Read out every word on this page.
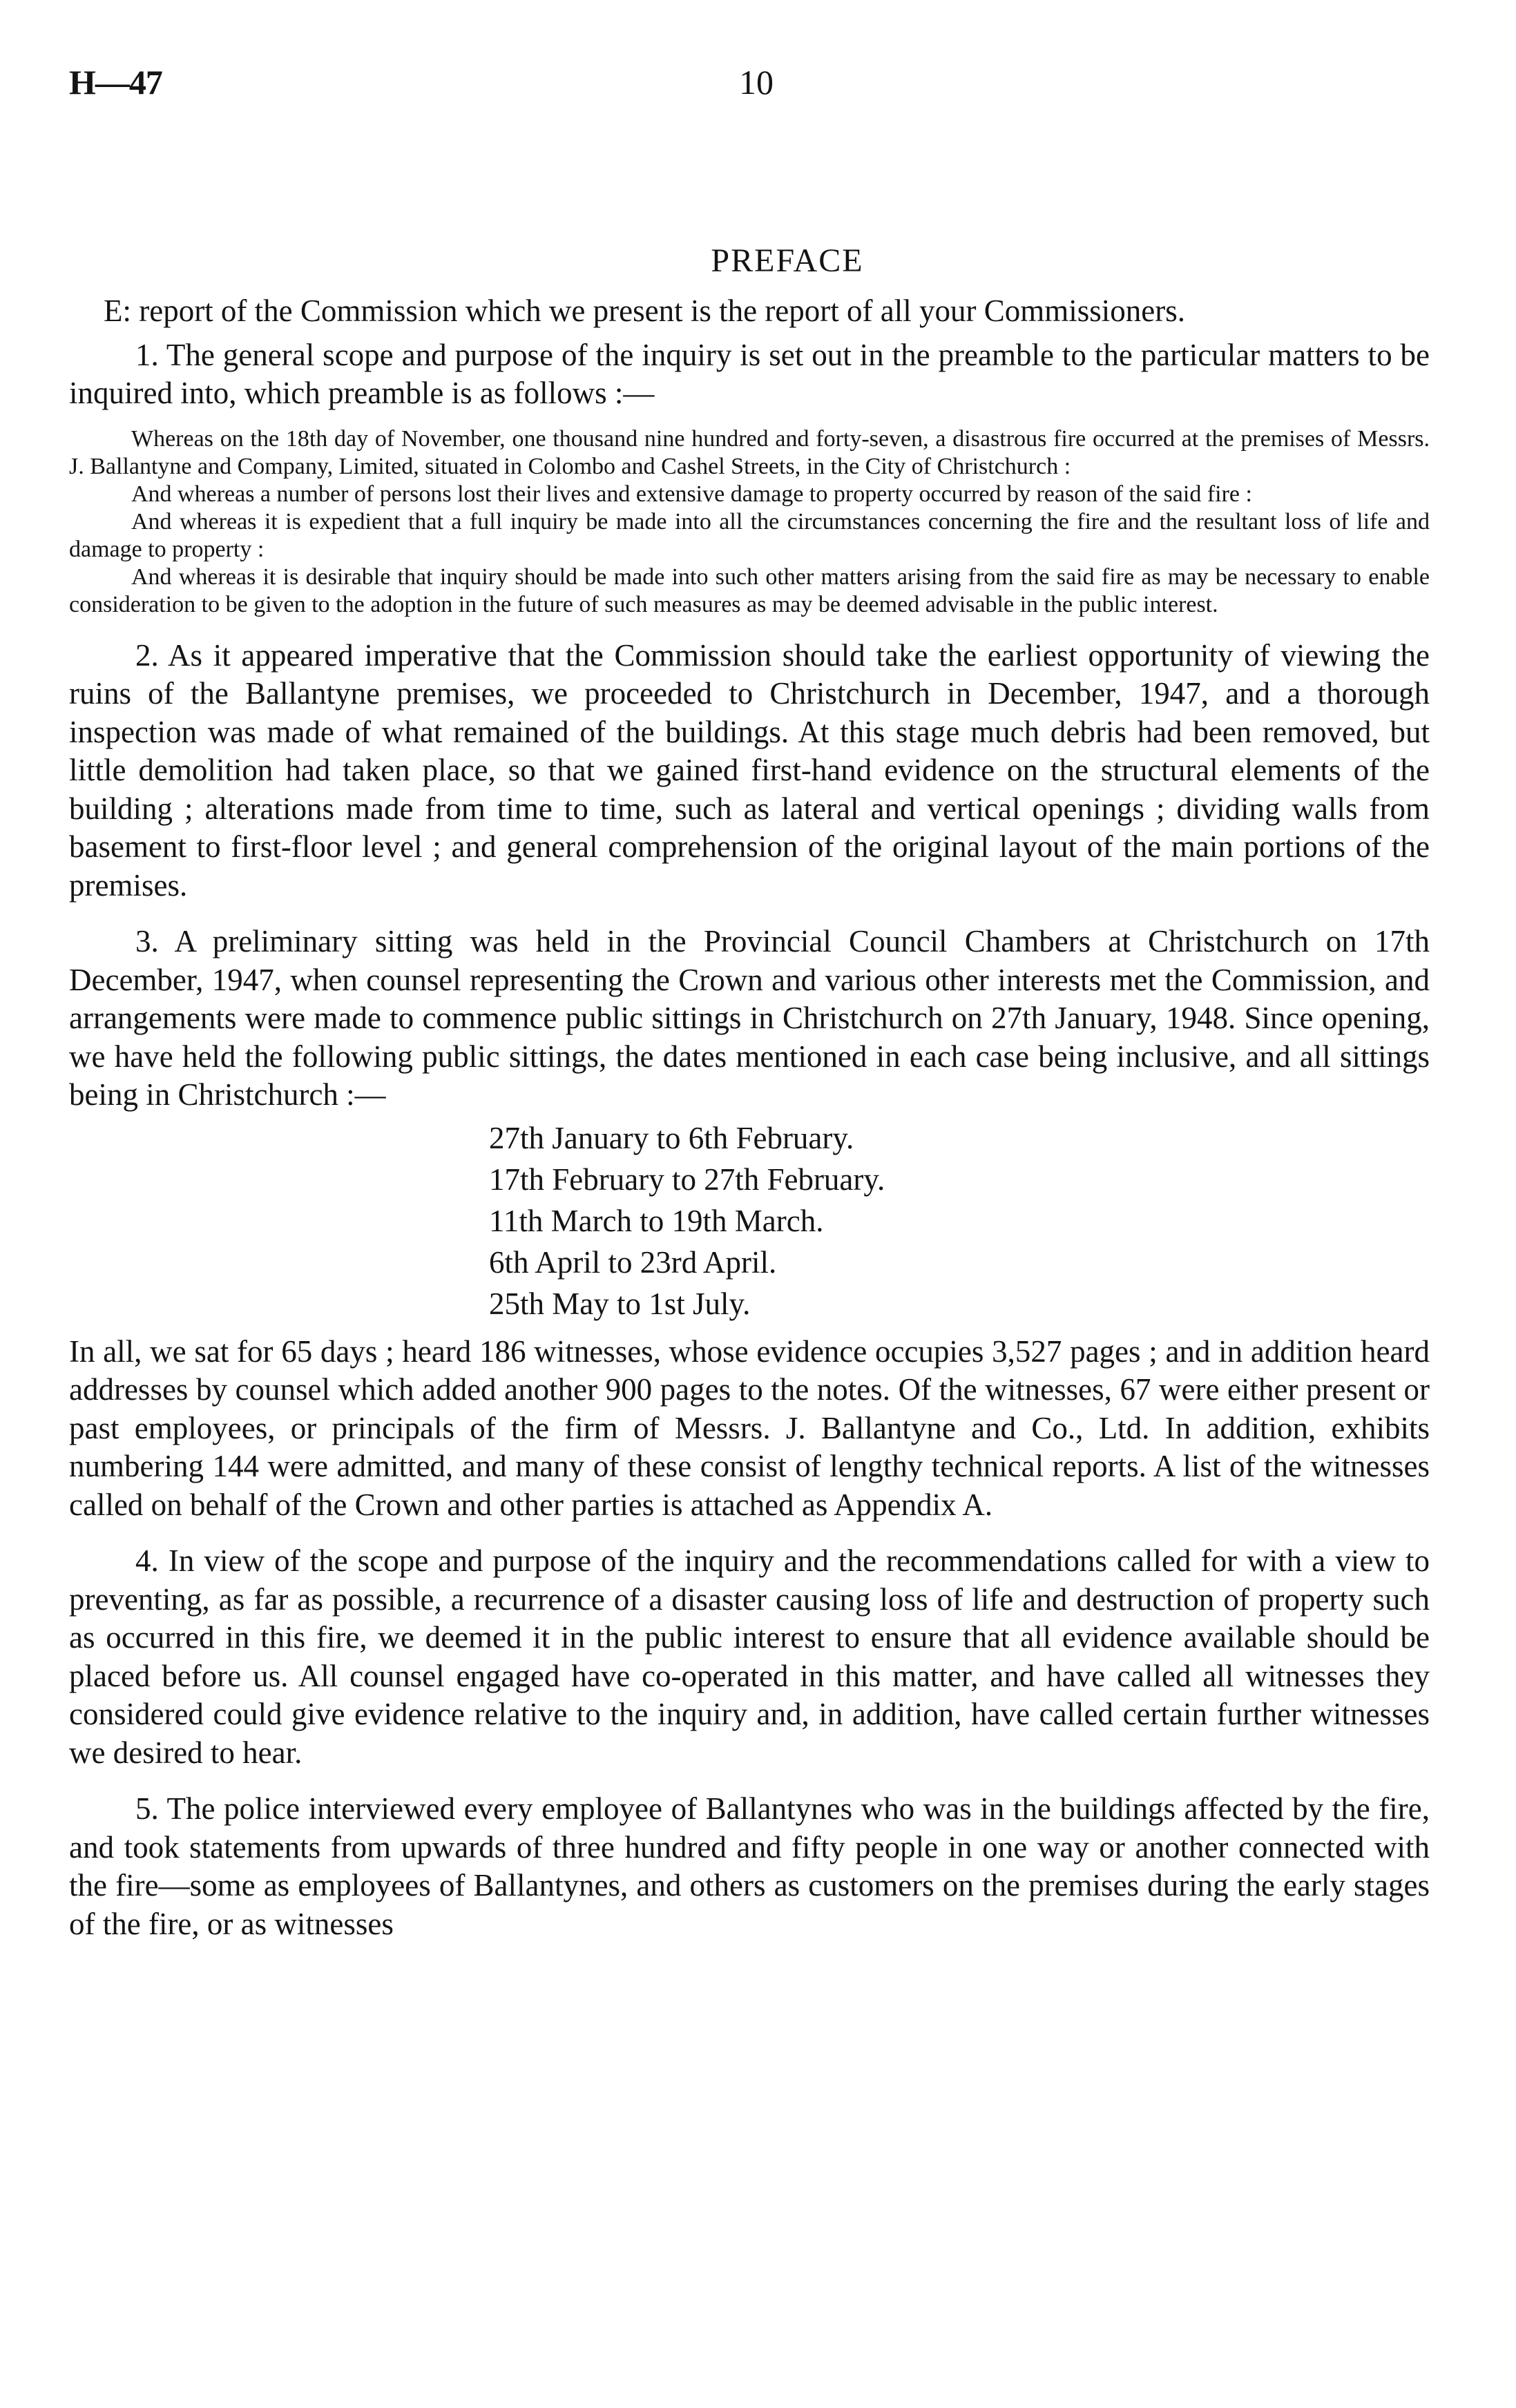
H—47	10
PREFACE

E: report of the Commission which we present is the report of all your Commissioners.

1. The general scope and purpose of the inquiry is set out in the preamble to the particular matters to be inquired into, which preamble is as follows :—

Whereas on the 18th day of November, one thousand nine hundred and forty-seven, a disastrous fire occurred at the premises of Messrs. J. Ballantyne and Company, Limited, situated in Colombo and Cashel Streets, in the City of Christchurch :

And whereas a number of persons lost their lives and extensive damage to property occurred by reason of the said fire :

And whereas it is expedient that a full inquiry be made into all the circumstances concerning the fire and the resultant loss of life and damage to property :

And whereas it is desirable that inquiry should be made into such other matters arising from the said fire as may be necessary to enable consideration to be given to the adoption in the future of such measures as may be deemed advisable in the public interest.

2. As it appeared imperative that the Commission should take the earliest opportunity of viewing the ruins of the Ballantyne premises, we proceeded to Christchurch in December, 1947, and a thorough inspection was made of what remained of the buildings. At this stage much debris had been removed, but little demolition had taken place, so that we gained first-hand evidence on the structural elements of the building ; alterations made from time to time, such as lateral and vertical openings ; dividing walls from basement to first-floor level ; and general comprehension of the original layout of the main portions of the premises.

3. A preliminary sitting was held in the Provincial Council Chambers at Christchurch on 17th December, 1947, when counsel representing the Crown and various other interests met the Commission, and arrangements were made to commence public sittings in Christchurch on 27th January, 1948. Since opening, we have held the following public sittings, the dates mentioned in each case being inclusive, and all sittings being in Christchurch :—

27th January to 6th February.
17th February to 27th February.
11th March to 19th March.
6th April to 23rd April.
25th May to 1st July.

In all, we sat for 65 days ; heard 186 witnesses, whose evidence occupies 3,527 pages ; and in addition heard addresses by counsel which added another 900 pages to the notes. Of the witnesses, 67 were either present or past employees, or principals of the firm of Messrs. J. Ballantyne and Co., Ltd. In addition, exhibits numbering 144 were admitted, and many of these consist of lengthy technical reports. A list of the witnesses called on behalf of the Crown and other parties is attached as Appendix A.

4. In view of the scope and purpose of the inquiry and the recommendations called for with a view to preventing, as far as possible, a recurrence of a disaster causing loss of life and destruction of property such as occurred in this fire, we deemed it in the public interest to ensure that all evidence available should be placed before us. All counsel engaged have co-operated in this matter, and have called all witnesses they considered could give evidence relative to the inquiry and, in addition, have called certain further witnesses we desired to hear.

5. The police interviewed every employee of Ballantynes who was in the buildings affected by the fire, and took statements from upwards of three hundred and fifty people in one way or another connected with the fire—some as employees of Ballantynes, and others as customers on the premises during the early stages of the fire, or as witnesses
